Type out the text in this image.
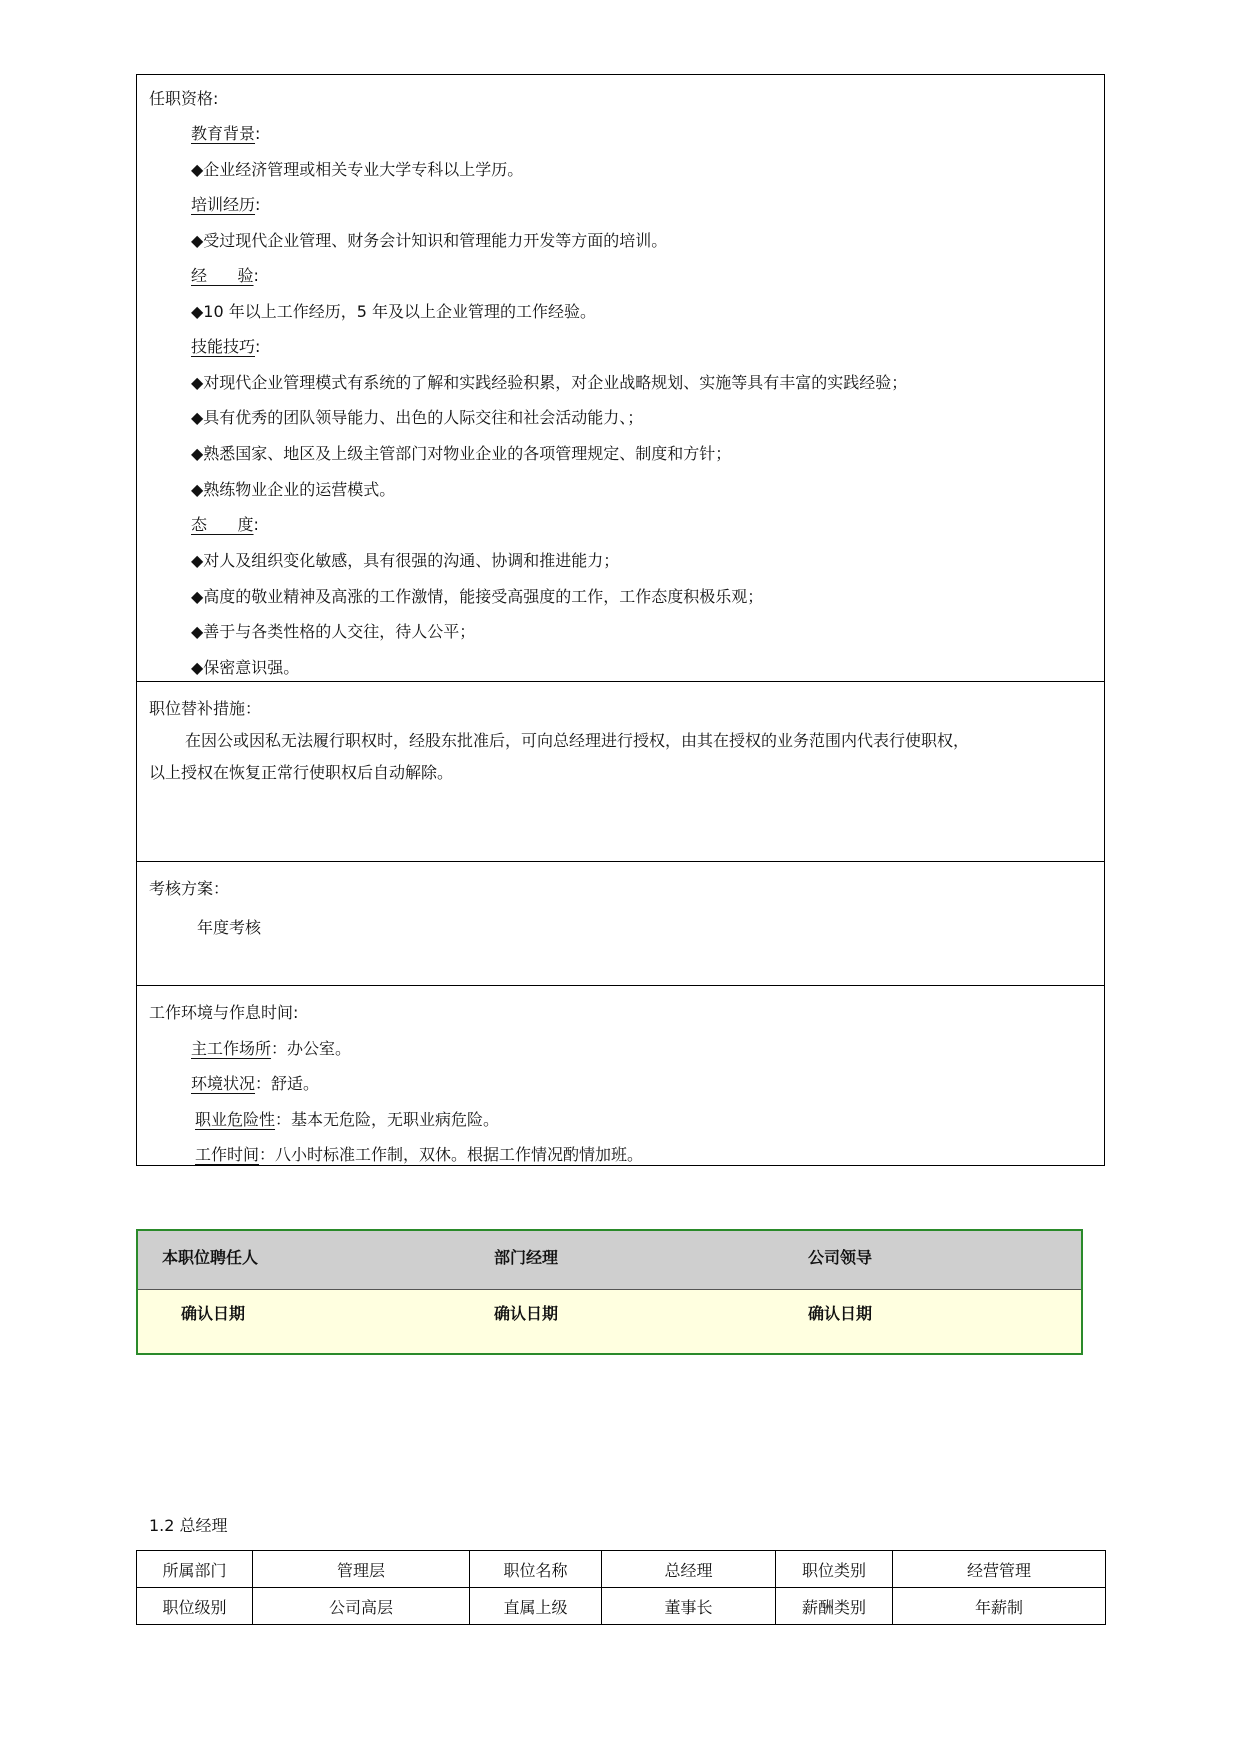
任职资格:
教育背景:
◆企业经济管理或相关专业大学专科以上学历。
培训经历:
◆受过现代企业管理、财务会计知识和管理能力开发等方面的培训。
经      验:
◆10 年以上工作经历，5 年及以上企业管理的工作经验。
技能技巧:
◆对现代企业管理模式有系统的了解和实践经验积累，对企业战略规划、实施等具有丰富的实践经验；
◆具有优秀的团队领导能力、出色的人际交往和社会活动能力、；
◆熟悉国家、地区及上级主管部门对物业企业的各项管理规定、制度和方针；
◆熟练物业企业的运营模式。
态      度:
◆对人及组织变化敏感，具有很强的沟通、协调和推进能力；
◆高度的敬业精神及高涨的工作激情，能接受高强度的工作，工作态度积极乐观；
◆善于与各类性格的人交往，待人公平；
◆保密意识强。
职位替补措施：
在因公或因私无法履行职权时，经股东批准后，可向总经理进行授权，由其在授权的业务范围内代表行使职权，
以上授权在恢复正常行使职权后自动解除。
考核方案：
年度考核
工作环境与作息时间:
主工作场所：办公室。
环境状况：舒适。
职业危险性：基本无危险，无职业病危险。
工作时间：八小时标准工作制，双休。根据工作情况酌情加班。
本职位聘任人	部门经理	公司领导
确认日期	确认日期	确认日期
1.2 总经理
所属部门	管理层	职位名称	总经理	职位类别	经营管理
职位级别	公司高层	直属上级	董事长	薪酬类别	年薪制
